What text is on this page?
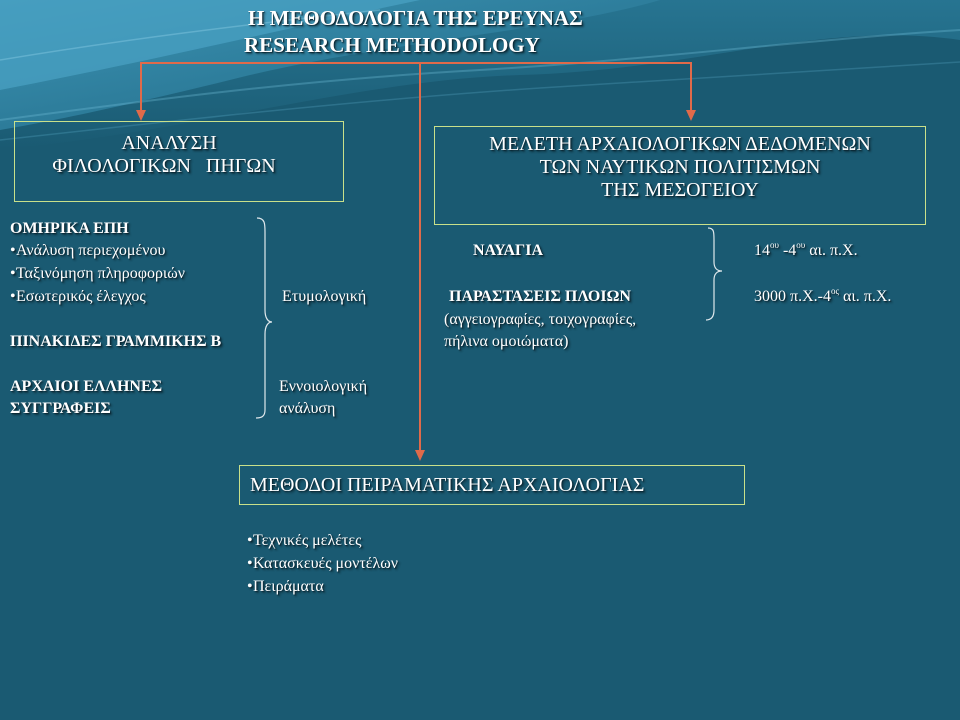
Η ΜΕΘΟΔΟΛΟΓΙΑ ΤΗΣ ΕΡΕΥΝΑΣ
RESEARCH METHODOLOGY
ΑΝΑΛΥΣΗ
ΦΙΛΟΛΟΓΙΚΩΝ   ΠΗΓΩΝ
ΜΕΛΕΤΗ ΑΡΧΑΙΟΛΟΓΙΚΩΝ ΔΕΔΟΜΕΝΩΝ
ΤΩΝ ΝΑΥΤΙΚΩΝ ΠΟΛΙΤΙΣΜΩΝ
ΤΗΣ ΜΕΣΟΓΕΙΟΥ
ΜΕΘΟΔΟΙ ΠΕΙΡΑΜΑΤΙΚΗΣ ΑΡΧΑΙΟΛΟΓΙΑΣ
ΟΜΗΡΙΚΑ ΕΠΗ
•Ανάλυση περιεχομένου
•Ταξινόμηση πληροφοριών
•Εσωτερικός έλεγχος
ΠΙΝΑΚΙΔΕΣ ΓΡΑΜΜΙΚΗΣ Β
ΑΡΧΑΙΟΙ ΕΛΛΗΝΕΣ
ΣΥΓΓΡΑΦΕΙΣ
Ετυμολογική
Εννοιολογική
ανάλυση
ΝΑΥΑΓΙΑ	$14^{o\upsilon}$ $-4^{o\upsilon}$ αι. π.Χ.
ΠΑΡΑΣΤΑΣΕΙΣ ΠΛΟΙΩΝ	3000 $\pi.X.-4^{o\varsigma}$ αι. π.Χ.
(αγγειογραφίες, τοιχογραφίες,
πήλινα ομοιώματα)
•Τεχνικές μελέτες
•Κατασκευές μοντέλων
•Πειράματα
